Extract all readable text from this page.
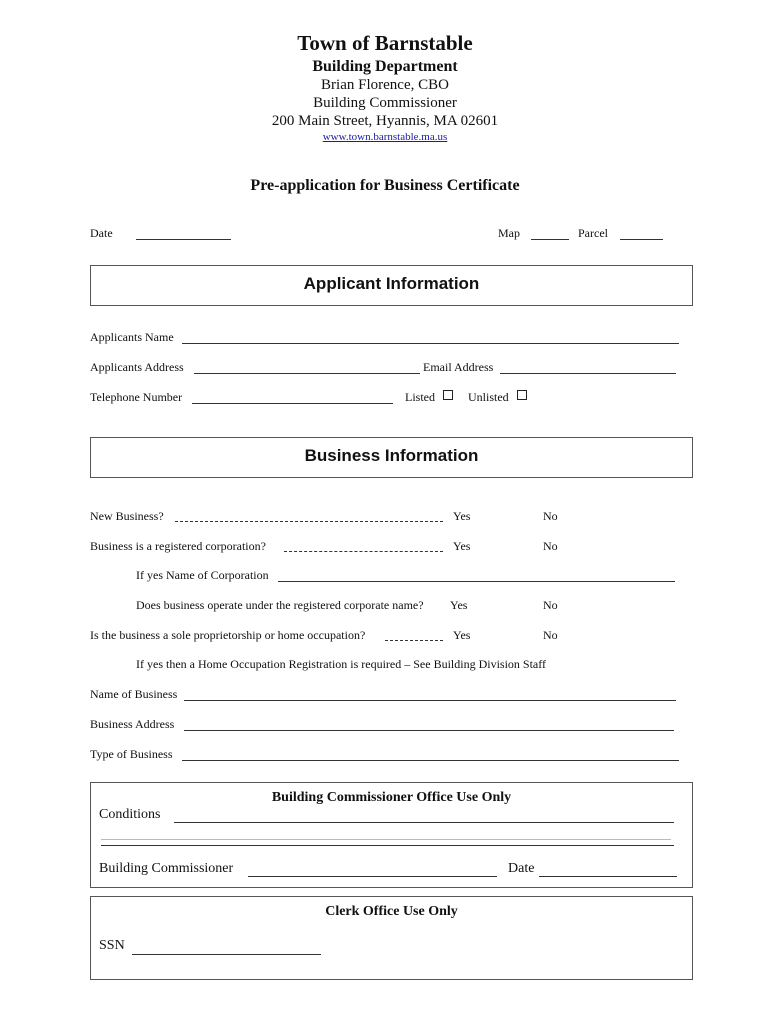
Town of Barnstable
Building Department
Brian Florence, CBO
Building Commissioner
200 Main Street, Hyannis, MA 02601
www.town.barnstable.ma.us
Pre-application for Business Certificate
Date	Map	Parcel
Applicant Information
Applicants Name
Applicants Address	Email Address
Telephone Number	Listed	Unlisted
Business Information
New Business?	Yes	No
Business is a registered corporation?	Yes	No
If yes Name of Corporation
Does business operate under the registered corporate name? Yes	No
Is the business a sole proprietorship or home occupation?	Yes	No
If yes then a Home Occupation Registration is required – See Building Division Staff
Name of Business
Business Address
Type of Business
Building Commissioner Office Use Only
Conditions
Building Commissioner	Date
Clerk Office Use Only
SSN
